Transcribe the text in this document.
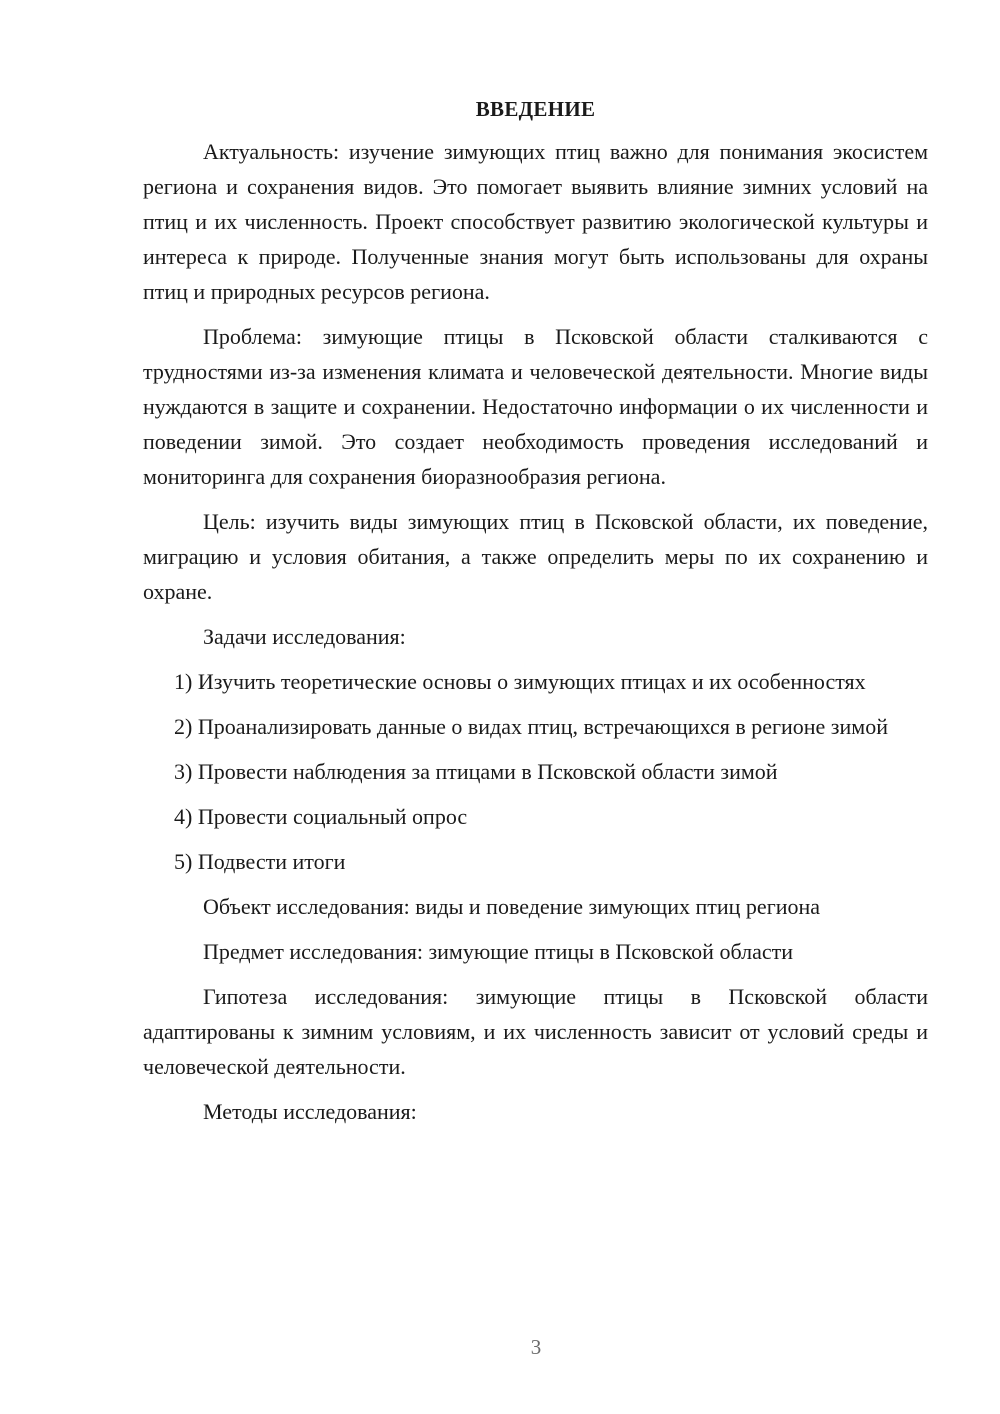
ВВЕДЕНИЕ

Актуальность: изучение зимующих птиц важно для понимания экосистем региона и сохранения видов. Это помогает выявить влияние зимних условий на птиц и их численность. Проект способствует развитию экологической культуры и интереса к природе. Полученные знания могут быть использованы для охраны птиц и природных ресурсов региона.

Проблема: зимующие птицы в Псковской области сталкиваются с трудностями из-за изменения климата и человеческой деятельности. Многие виды нуждаются в защите и сохранении. Недостаточно информации о их численности и поведении зимой. Это создает необходимость проведения исследований и мониторинга для сохранения биоразнообразия региона.

Цель: изучить виды зимующих птиц в Псковской области, их поведение, миграцию и условия обитания, а также определить меры по их сохранению и охране.

Задачи исследования:

1) Изучить теоретические основы о зимующих птицах и их особенностях

2) Проанализировать данные о видах птиц, встречающихся в регионе зимой

3) Провести наблюдения за птицами в Псковской области зимой

4) Провести социальный опрос

5) Подвести итоги

Объект исследования: виды и поведение зимующих птиц региона

Предмет исследования: зимующие птицы в Псковской области

Гипотеза исследования: зимующие птицы в Псковской области адаптированы к зимним условиям, и их численность зависит от условий среды и человеческой деятельности.

Методы исследования:

3
